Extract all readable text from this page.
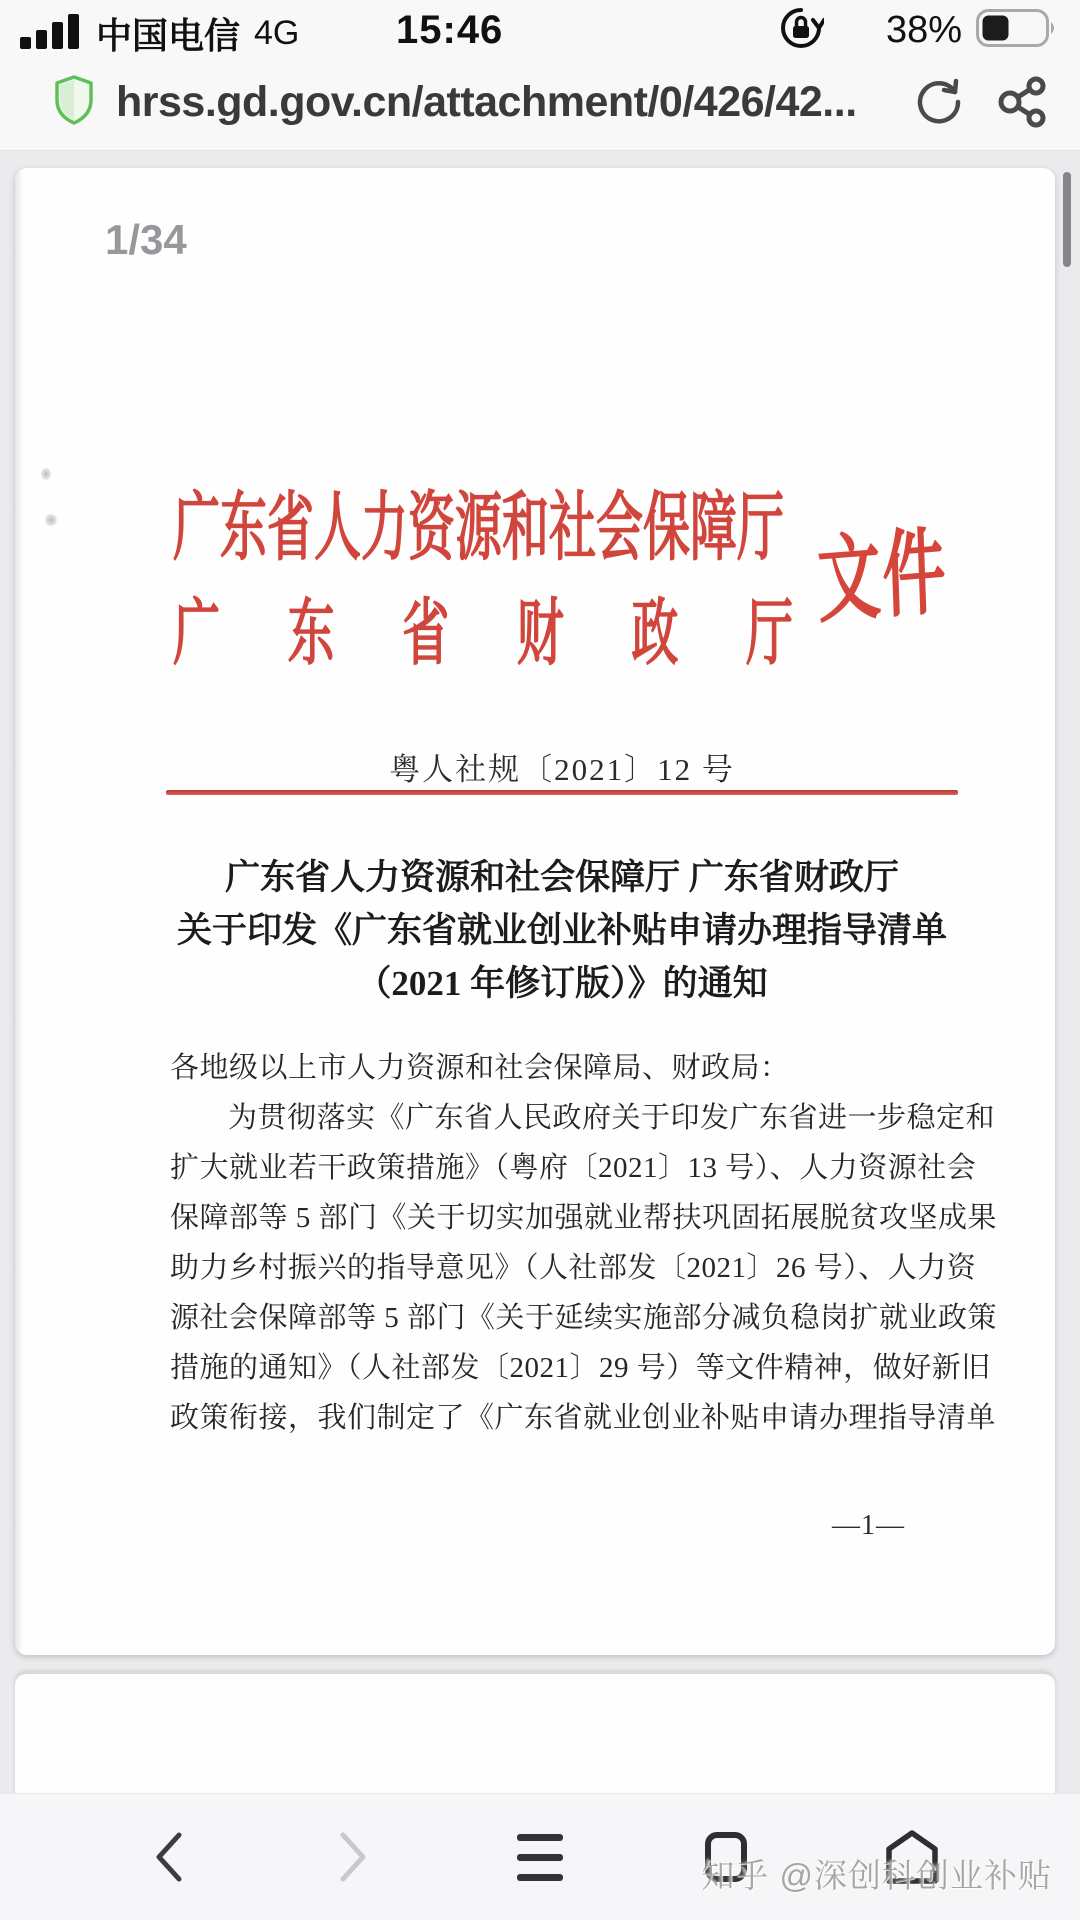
中国电信 4G 15:46	38%
hrss.gd.gov.cn/attachment/0/426/42...
1/34
广东省人力资源和社会保障厅
广 东 省 财 政 厅
文件
粤人社规〔2021〕12 号
广东省人力资源和社会保障厅 广东省财政厅
关于印发《广东省就业创业补贴申请办理指导清单
（2021 年修订版）》的通知
各地级以上市人力资源和社会保障局、财政局：
为贯彻落实《广东省人民政府关于印发广东省进一步稳定和
扩大就业若干政策措施》（粤府〔2021〕13 号）、人力资源社会
保障部等 5 部门《关于切实加强就业帮扶巩固拓展脱贫攻坚成果
助力乡村振兴的指导意见》（人社部发〔2021〕26 号）、人力资
源社会保障部等 5 部门《关于延续实施部分减负稳岗扩就业政策
措施的通知》（人社部发〔2021〕29 号）等文件精神，做好新旧
政策衔接，我们制定了《广东省就业创业补贴申请办理指导清单
—1—
知乎 @深创科创业补贴
